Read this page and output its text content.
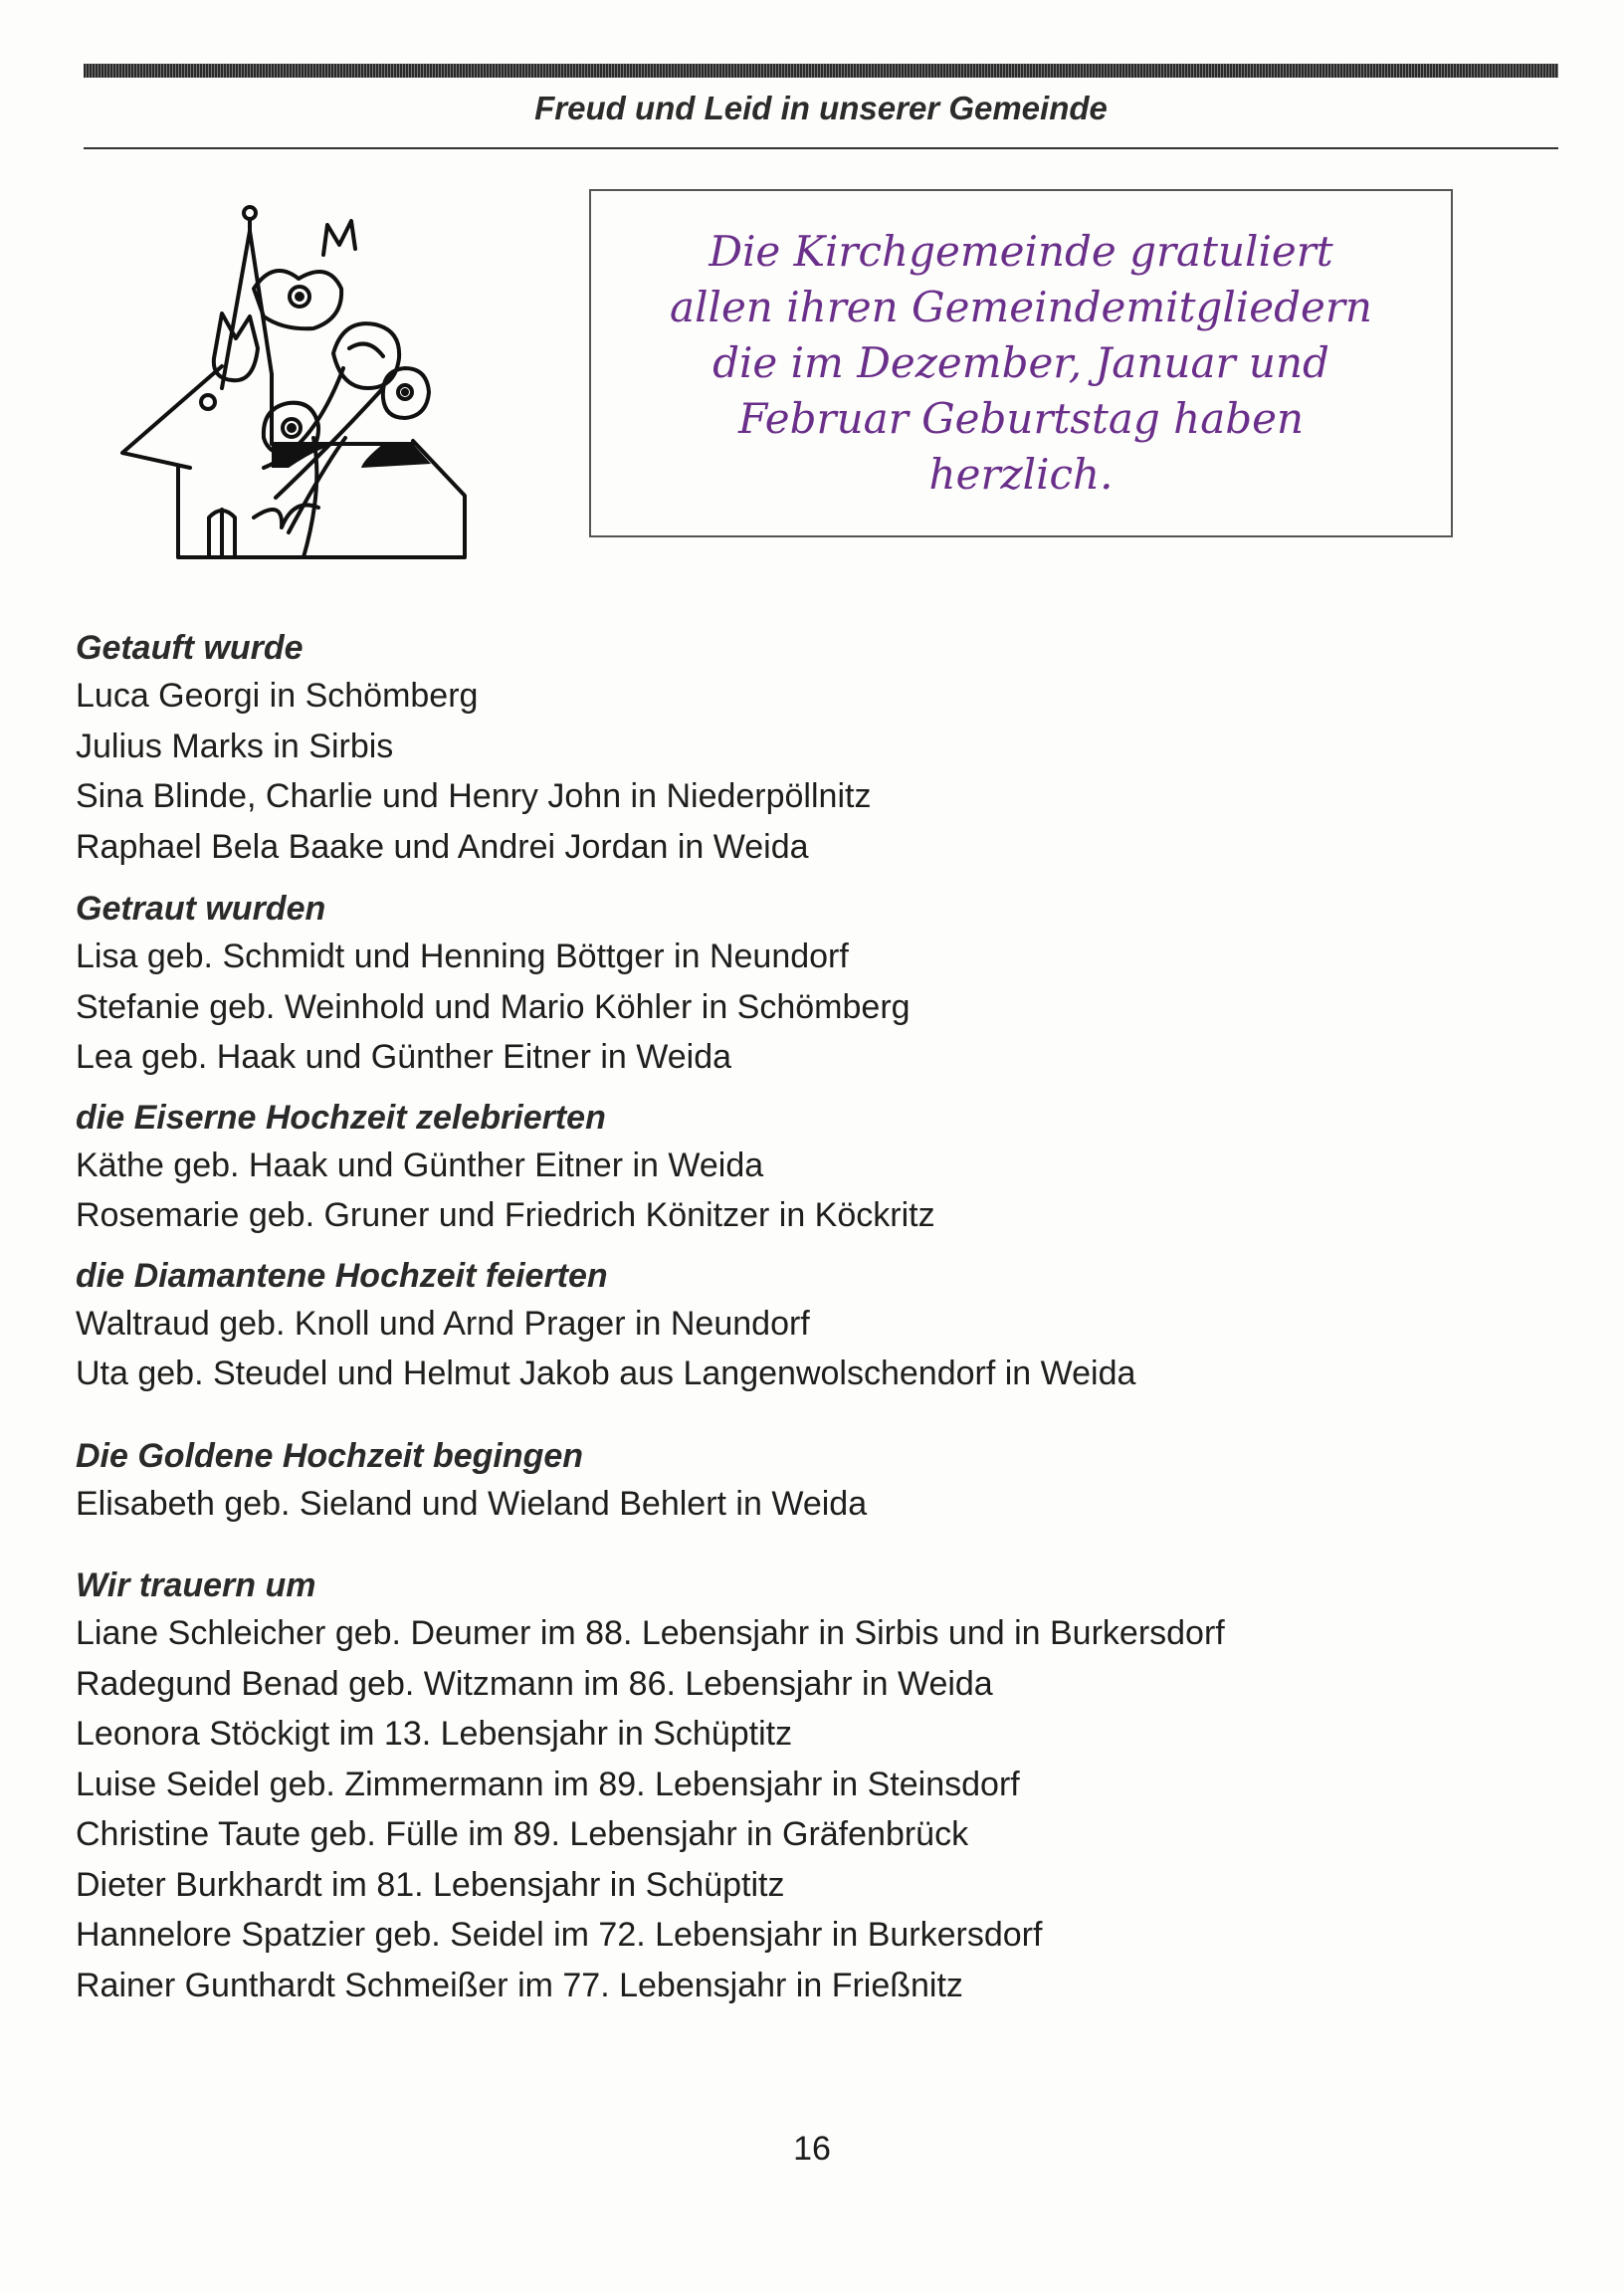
Freud und Leid in unserer Gemeinde

Die Kirchgemeinde gratuliert
allen ihren Gemeindemitgliedern
die im Dezember, Januar und
Februar Geburtstag haben
herzlich.

Getauft wurde

Luca Georgi in Schömberg

Julius Marks in Sirbis

Sina Blinde, Charlie und Henry John in Niederpöllnitz

Raphael Bela Baake und Andrei Jordan in Weida

Getraut wurden

Lisa geb. Schmidt und Henning Böttger in Neundorf

Stefanie geb. Weinhold und Mario Köhler in Schömberg

Lea geb. Haak und Günther Eitner in Weida

die Eiserne Hochzeit zelebrierten

Käthe geb. Haak und Günther Eitner in Weida

Rosemarie geb. Gruner und Friedrich Könitzer in Köckritz

die Diamantene Hochzeit feierten

Waltraud geb. Knoll und Arnd Prager in Neundorf

Uta geb. Steudel und Helmut Jakob aus Langenwolschendorf in Weida

Die Goldene Hochzeit begingen

Elisabeth geb. Sieland und Wieland Behlert in Weida

Wir trauern um

Liane Schleicher geb. Deumer im 88. Lebensjahr in Sirbis und in Burkersdorf

Radegund Benad geb. Witzmann im 86. Lebensjahr in Weida

Leonora Stöckigt im 13. Lebensjahr in Schüptitz

Luise Seidel geb. Zimmermann im 89. Lebensjahr in Steinsdorf

Christine Taute geb. Fülle im 89. Lebensjahr in Gräfenbrück

Dieter Burkhardt im 81. Lebensjahr in Schüptitz

Hannelore Spatzier geb. Seidel im 72. Lebensjahr in Burkersdorf

Rainer Gunthardt Schmeißer im 77. Lebensjahr in Frießnitz

16
